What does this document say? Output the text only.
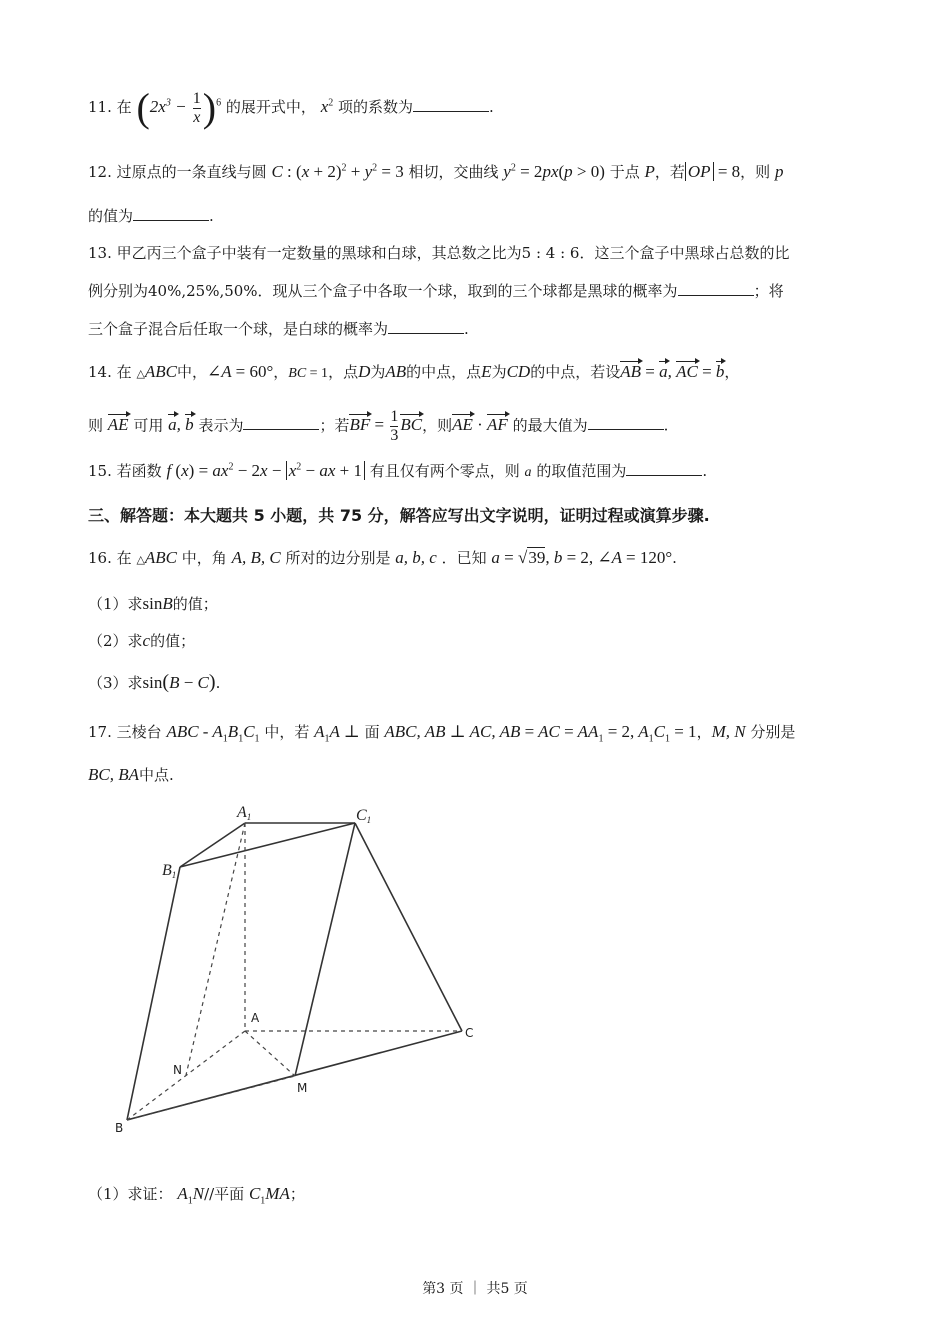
11. 在 $(2x^3 - \frac{1}{x} )^6$ 的展开式中， $x^2$ 项的系数为	.
12. 过原点的一条直线与圆 C : $(x + 2)^2 + y^2 = 3$ 相切，交曲线 $y^2 = 2px(p > 0)$ 于点 P，若 OP = 8，则 p
的值为	.
13. 甲乙丙三个盒子中装有一定数量的黑球和白球，其总数之比为5 : 4 : 6．这三个盒子中黑球占总数的比
例分别为40%,25%,50%．现从三个盒子中各取一个球，取到的三个球都是黑球的概率为	；将
三个盒子混合后任取一个球，是白球的概率为	.
14. 在 △ABC中，∠A = 60°，BC = 1，点D为AB的中点，点E为CD的中点，若设AB = a, AC = b，
则 AE 可用 a, b 表示为	；若BF = $\frac{1}{3}$ BC，则AE · AF 的最大值为	.
15. 若函数 f $(x) = ax^2 - 2x - x^2$ − ax + 1 有且仅有两个零点，则 a 的取值范围为	.
三、解答题：本大题共 5 小题，共 75 分，解答应写出文字说明，证明过程或演算步骤.
16. 在 △ABC 中，角 A, B, C 所对的边分别是 a, b, c ．已知 a = √39, b = 2, ∠A = 120°.
（1）求sinB的值；
（2）求c的值；
（3）求sin(B − C).
17. 三棱台 ABC - $A_1B_1C_1$ 中，若 $A_1A$ ⊥ 面 ABC, AB ⊥ AC, AB = AC = $AA_1 = 2$, $A_1C_1 = 1$，M, N 分别是
BC, BA中点.
A1	C1
B1
A
C
N
M
B
（1）求证： $A_1N//$平面 $C_1MA$；
第3 页 ｜ 共5 页
